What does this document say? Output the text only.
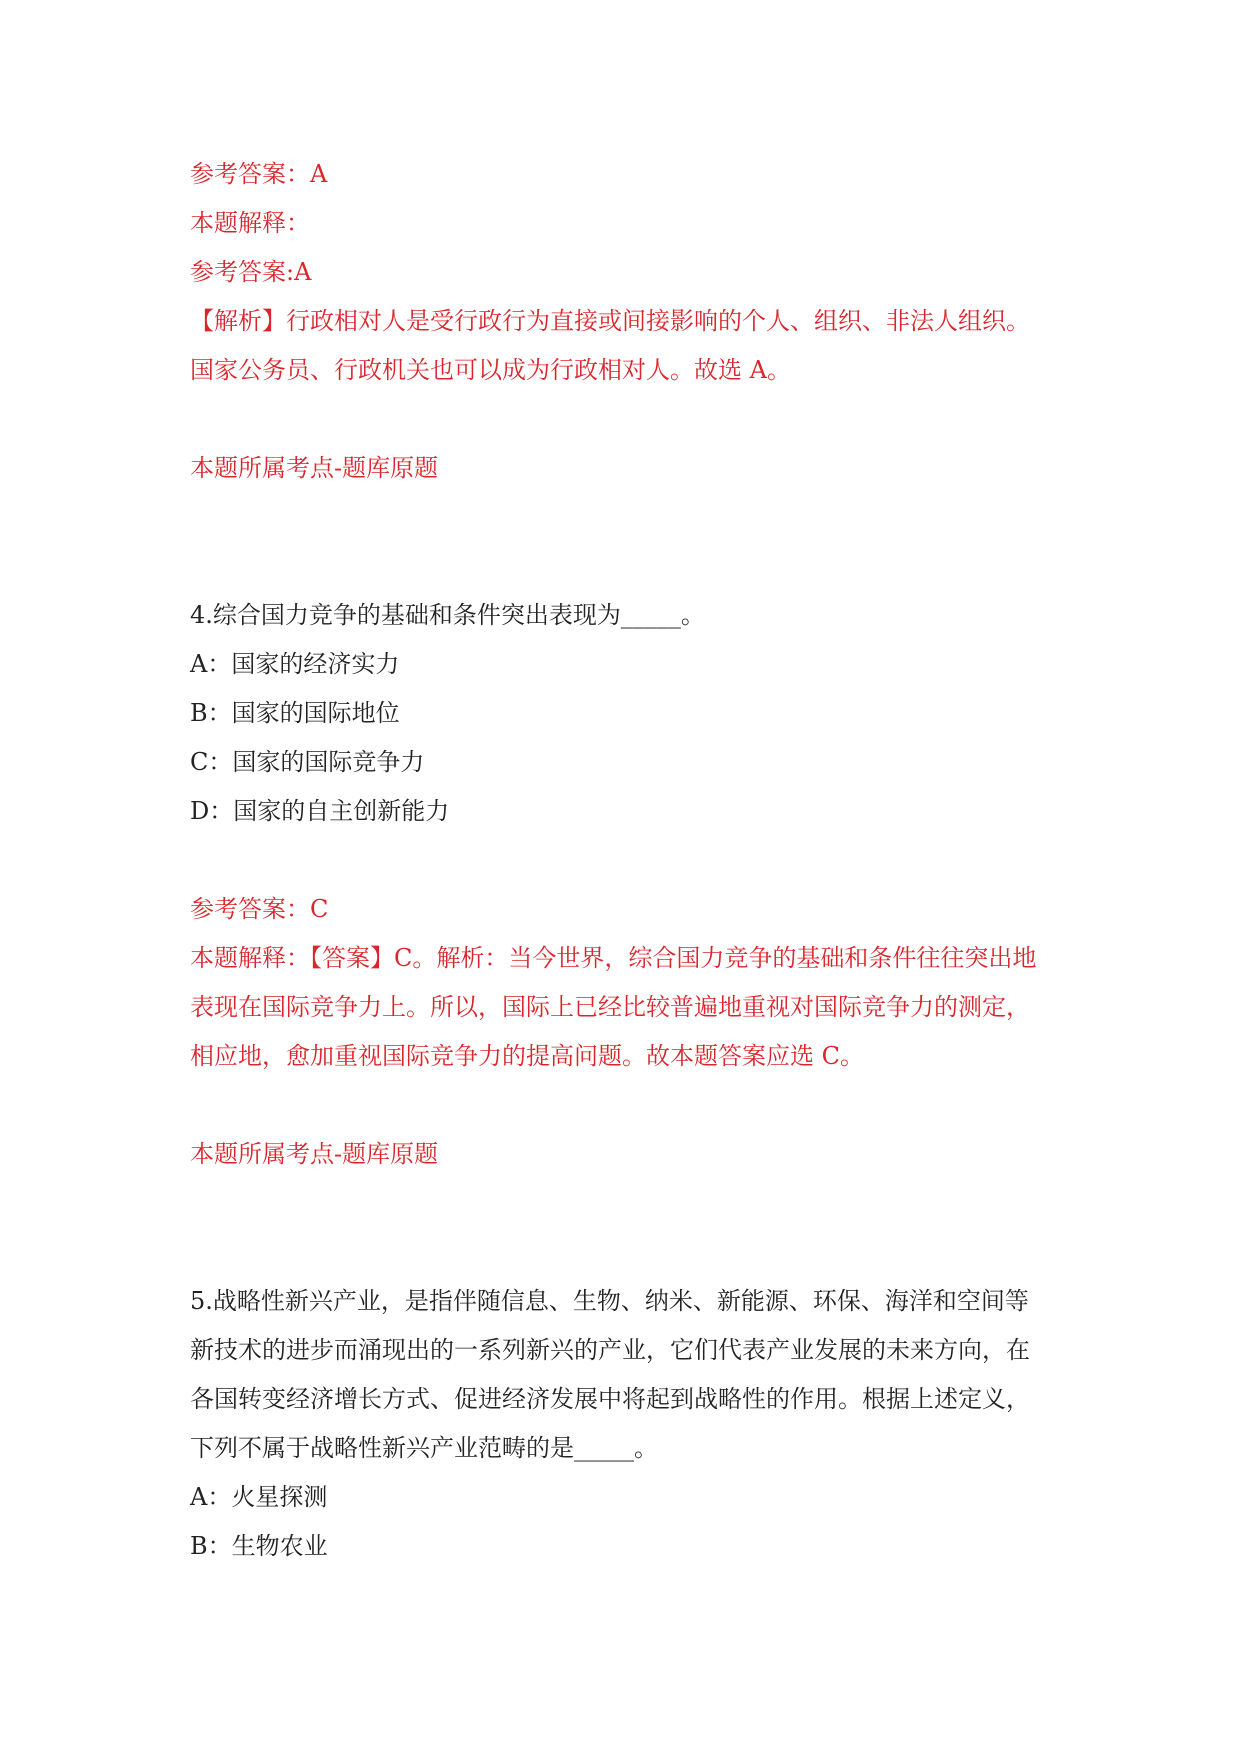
参考答案：A
本题解释：
参考答案:A
【解析】行政相对人是受行政行为直接或间接影响的个人、组织、非法人组织。国家公务员、行政机关也可以成为行政相对人。故选 A。
本题所属考点-题库原题
4.综合国力竞争的基础和条件突出表现为_____。
A：国家的经济实力
B：国家的国际地位
C：国家的国际竞争力
D：国家的自主创新能力
参考答案：C
本题解释：【答案】C。解析：当今世界，综合国力竞争的基础和条件往往突出地表现在国际竞争力上。所以，国际上已经比较普遍地重视对国际竞争力的测定，相应地，愈加重视国际竞争力的提高问题。故本题答案应选 C。
本题所属考点-题库原题
5.战略性新兴产业，是指伴随信息、生物、纳米、新能源、环保、海洋和空间等新技术的进步而涌现出的一系列新兴的产业，它们代表产业发展的未来方向，在各国转变经济增长方式、促进经济发展中将起到战略性的作用。根据上述定义，下列不属于战略性新兴产业范畴的是_____。
A：火星探测
B：生物农业
